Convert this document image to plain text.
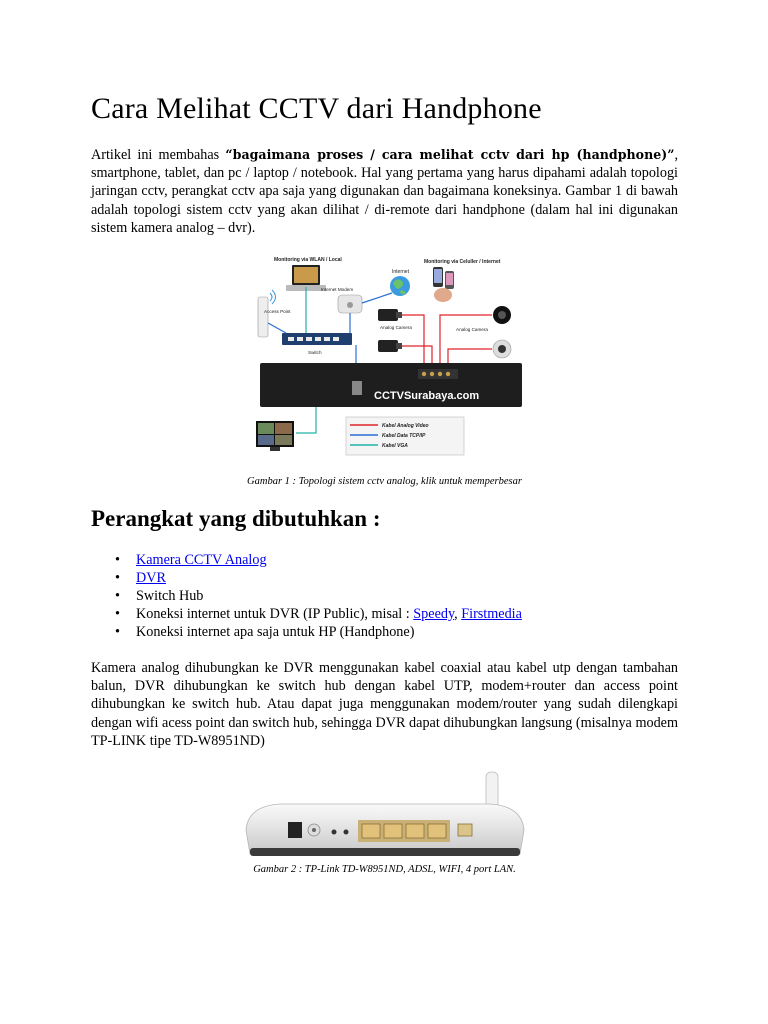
Cara Melihat CCTV dari Handphone

Artikel ini membahas “bagaimana proses / cara melihat cctv dari hp (handphone)”, smartphone, tablet, dan pc / laptop / notebook. Hal yang pertama yang harus dipahami adalah topologi jaringan cctv, perangkat cctv apa saja yang digunakan dan bagaimana koneksinya. Gambar 1 di bawah adalah topologi sistem cctv yang akan dilihat / di-remote dari handphone (dalam hal ini digunakan sistem kamera analog – dvr).

Monitoring via WLAN / Local	Monitoring via Celuller / Internet
Internet
Internet Modem
Access Point
Analog Camera	Analog Camera
Switch
CCTVSurabaya.com
Kabel Analog Video
Kabel Data TCP/IP
Kabel VGA

Gambar 1 : Topologi sistem cctv analog, klik untuk memperbesar

Perangkat yang dibutuhkan :
• Kamera CCTV Analog
• DVR
• Switch Hub
• Koneksi internet untuk DVR (IP Public), misal : Speedy, Firstmedia
• Koneksi internet apa saja untuk HP (Handphone)

Kamera analog dihubungkan ke DVR menggunakan kabel coaxial atau kabel utp dengan tambahan balun, DVR dihubungkan ke switch hub dengan kabel UTP, modem+router dan access point dihubungkan ke switch hub. Atau dapat juga menggunakan modem/router yang sudah dilengkapi dengan wifi acess point dan switch hub, sehingga DVR dapat dihubungkan langsung (misalnya modem TP-LINK tipe TD-W8951ND)

Gambar 2 : TP-Link TD-W8951ND, ADSL, WIFI, 4 port LAN.
